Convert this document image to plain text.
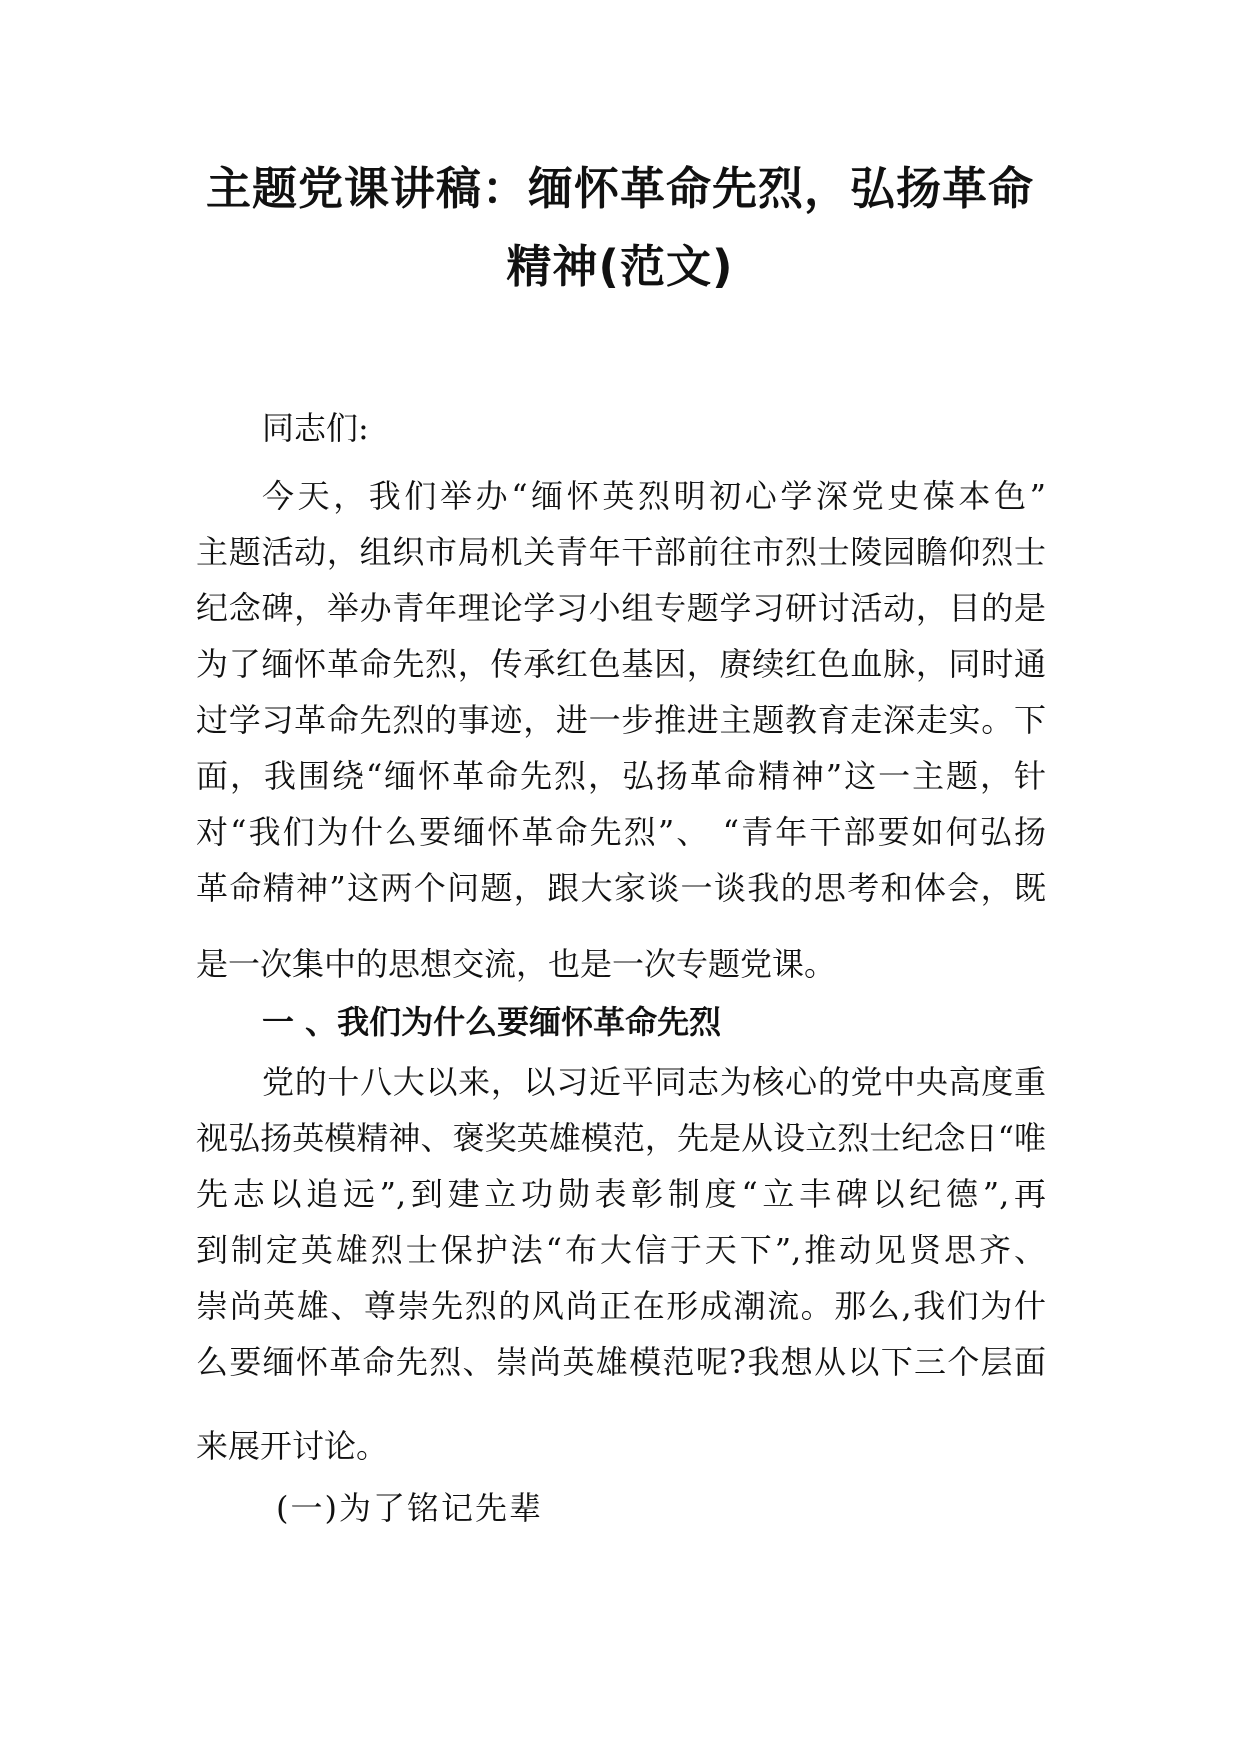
主题党课讲稿：缅怀革命先烈，弘扬革命
精神(范文)
同志们:
今天，我们举办“缅怀英烈明初心学深党史葆本色”
主题活动，组织市局机关青年干部前往市烈士陵园瞻仰烈士
纪念碑，举办青年理论学习小组专题学习研讨活动，目的是
为了缅怀革命先烈，传承红色基因，赓续红色血脉，同时通
过学习革命先烈的事迹，进一步推进主题教育走深走实。下
面，我围绕“缅怀革命先烈，弘扬革命精神”这一主题，针
对“我们为什么要缅怀革命先烈”、 “青年干部要如何弘扬
革命精神”这两个问题，跟大家谈一谈我的思考和体会，既
是一次集中的思想交流，也是一次专题党课。
一 、我们为什么要缅怀革命先烈
党的十八大以来，以习近平同志为核心的党中央高度重
视弘扬英模精神、褒奖英雄模范，先是从设立烈士纪念日“唯
先志以追远”,到建立功勋表彰制度“立丰碑以纪德”,再
到制定英雄烈士保护法“布大信于天下”,推动见贤思齐、
崇尚英雄、尊崇先烈的风尚正在形成潮流。那么,我们为什
么要缅怀革命先烈、崇尚英雄模范呢?我想从以下三个层面
来展开讨论。
(一)为了铭记先辈
